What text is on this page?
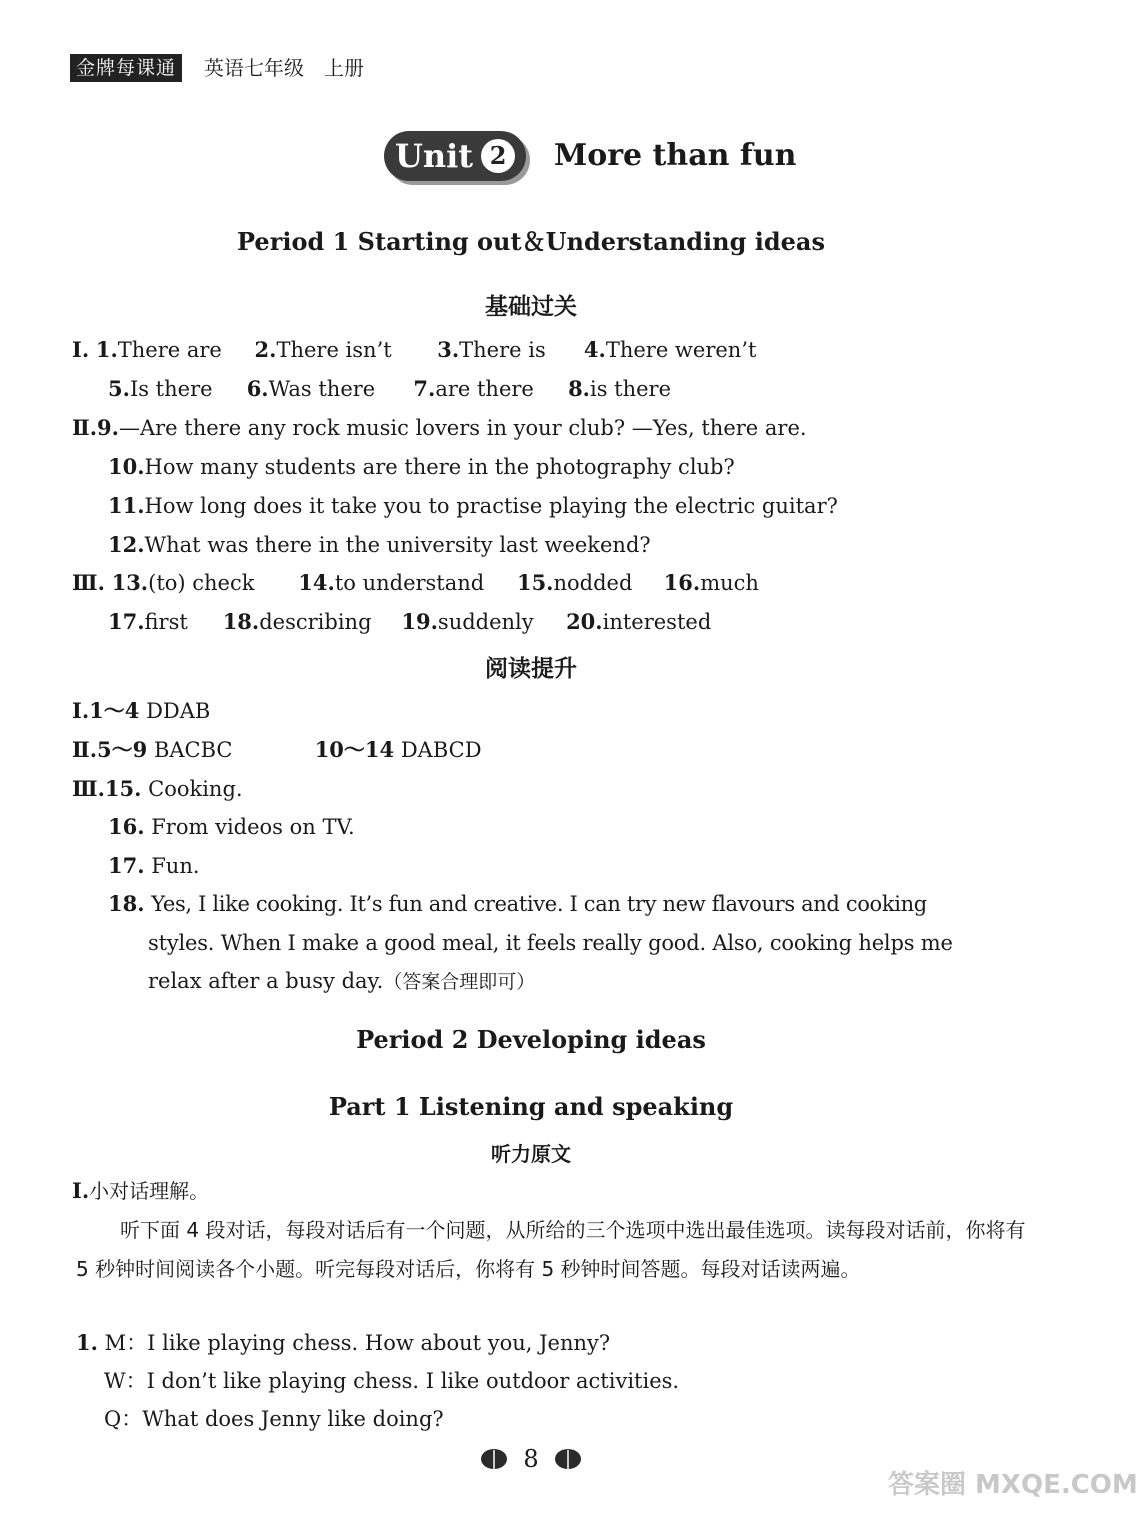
金牌每课通	英语七年级　上册
Unit 2 More than fun
Period 1 Starting out＆Understanding ideas
基础过关
Ⅰ. 1.There are 2.There isn’t 3.There is 4.There weren’t
5.Is there 6.Was there 7.are there 8.is there
Ⅱ.9.—Are there any rock music lovers in your club? —Yes, there are.
10.How many students are there in the photography club?
11.How long does it take you to practise playing the electric guitar?
12.What was there in the university last weekend?
Ⅲ. 13.(to) check 14.to understand 15.nodded 16.much
17.first 18.describing 19.suddenly 20.interested
阅读提升
Ⅰ.1～4 DDAB
Ⅱ.5～9 BACBC	10～14 DABCD
Ⅲ.15. Cooking.
16. From videos on TV.
17. Fun.
18. Yes, I like cooking. It’s fun and creative. I can try new flavours and cooking
styles. When I make a good meal, it feels really good. Also, cooking helps me
relax after a busy day.（答案合理即可）
Period 2 Developing ideas
Part 1 Listening and speaking
听力原文
Ⅰ.小对话理解。
听下面 4 段对话，每段对话后有一个问题，从所给的三个选项中选出最佳选项。读每段对话前，你将有 5 秒钟时间阅读各个小题。听完每段对话后，你将有 5 秒钟时间答题。每段对话读两遍。
1. M：I like playing chess. How about you, Jenny?
W：I don’t like playing chess. I like outdoor activities.
Q：What does Jenny like doing?
8
答案圈 MXQE.COM
